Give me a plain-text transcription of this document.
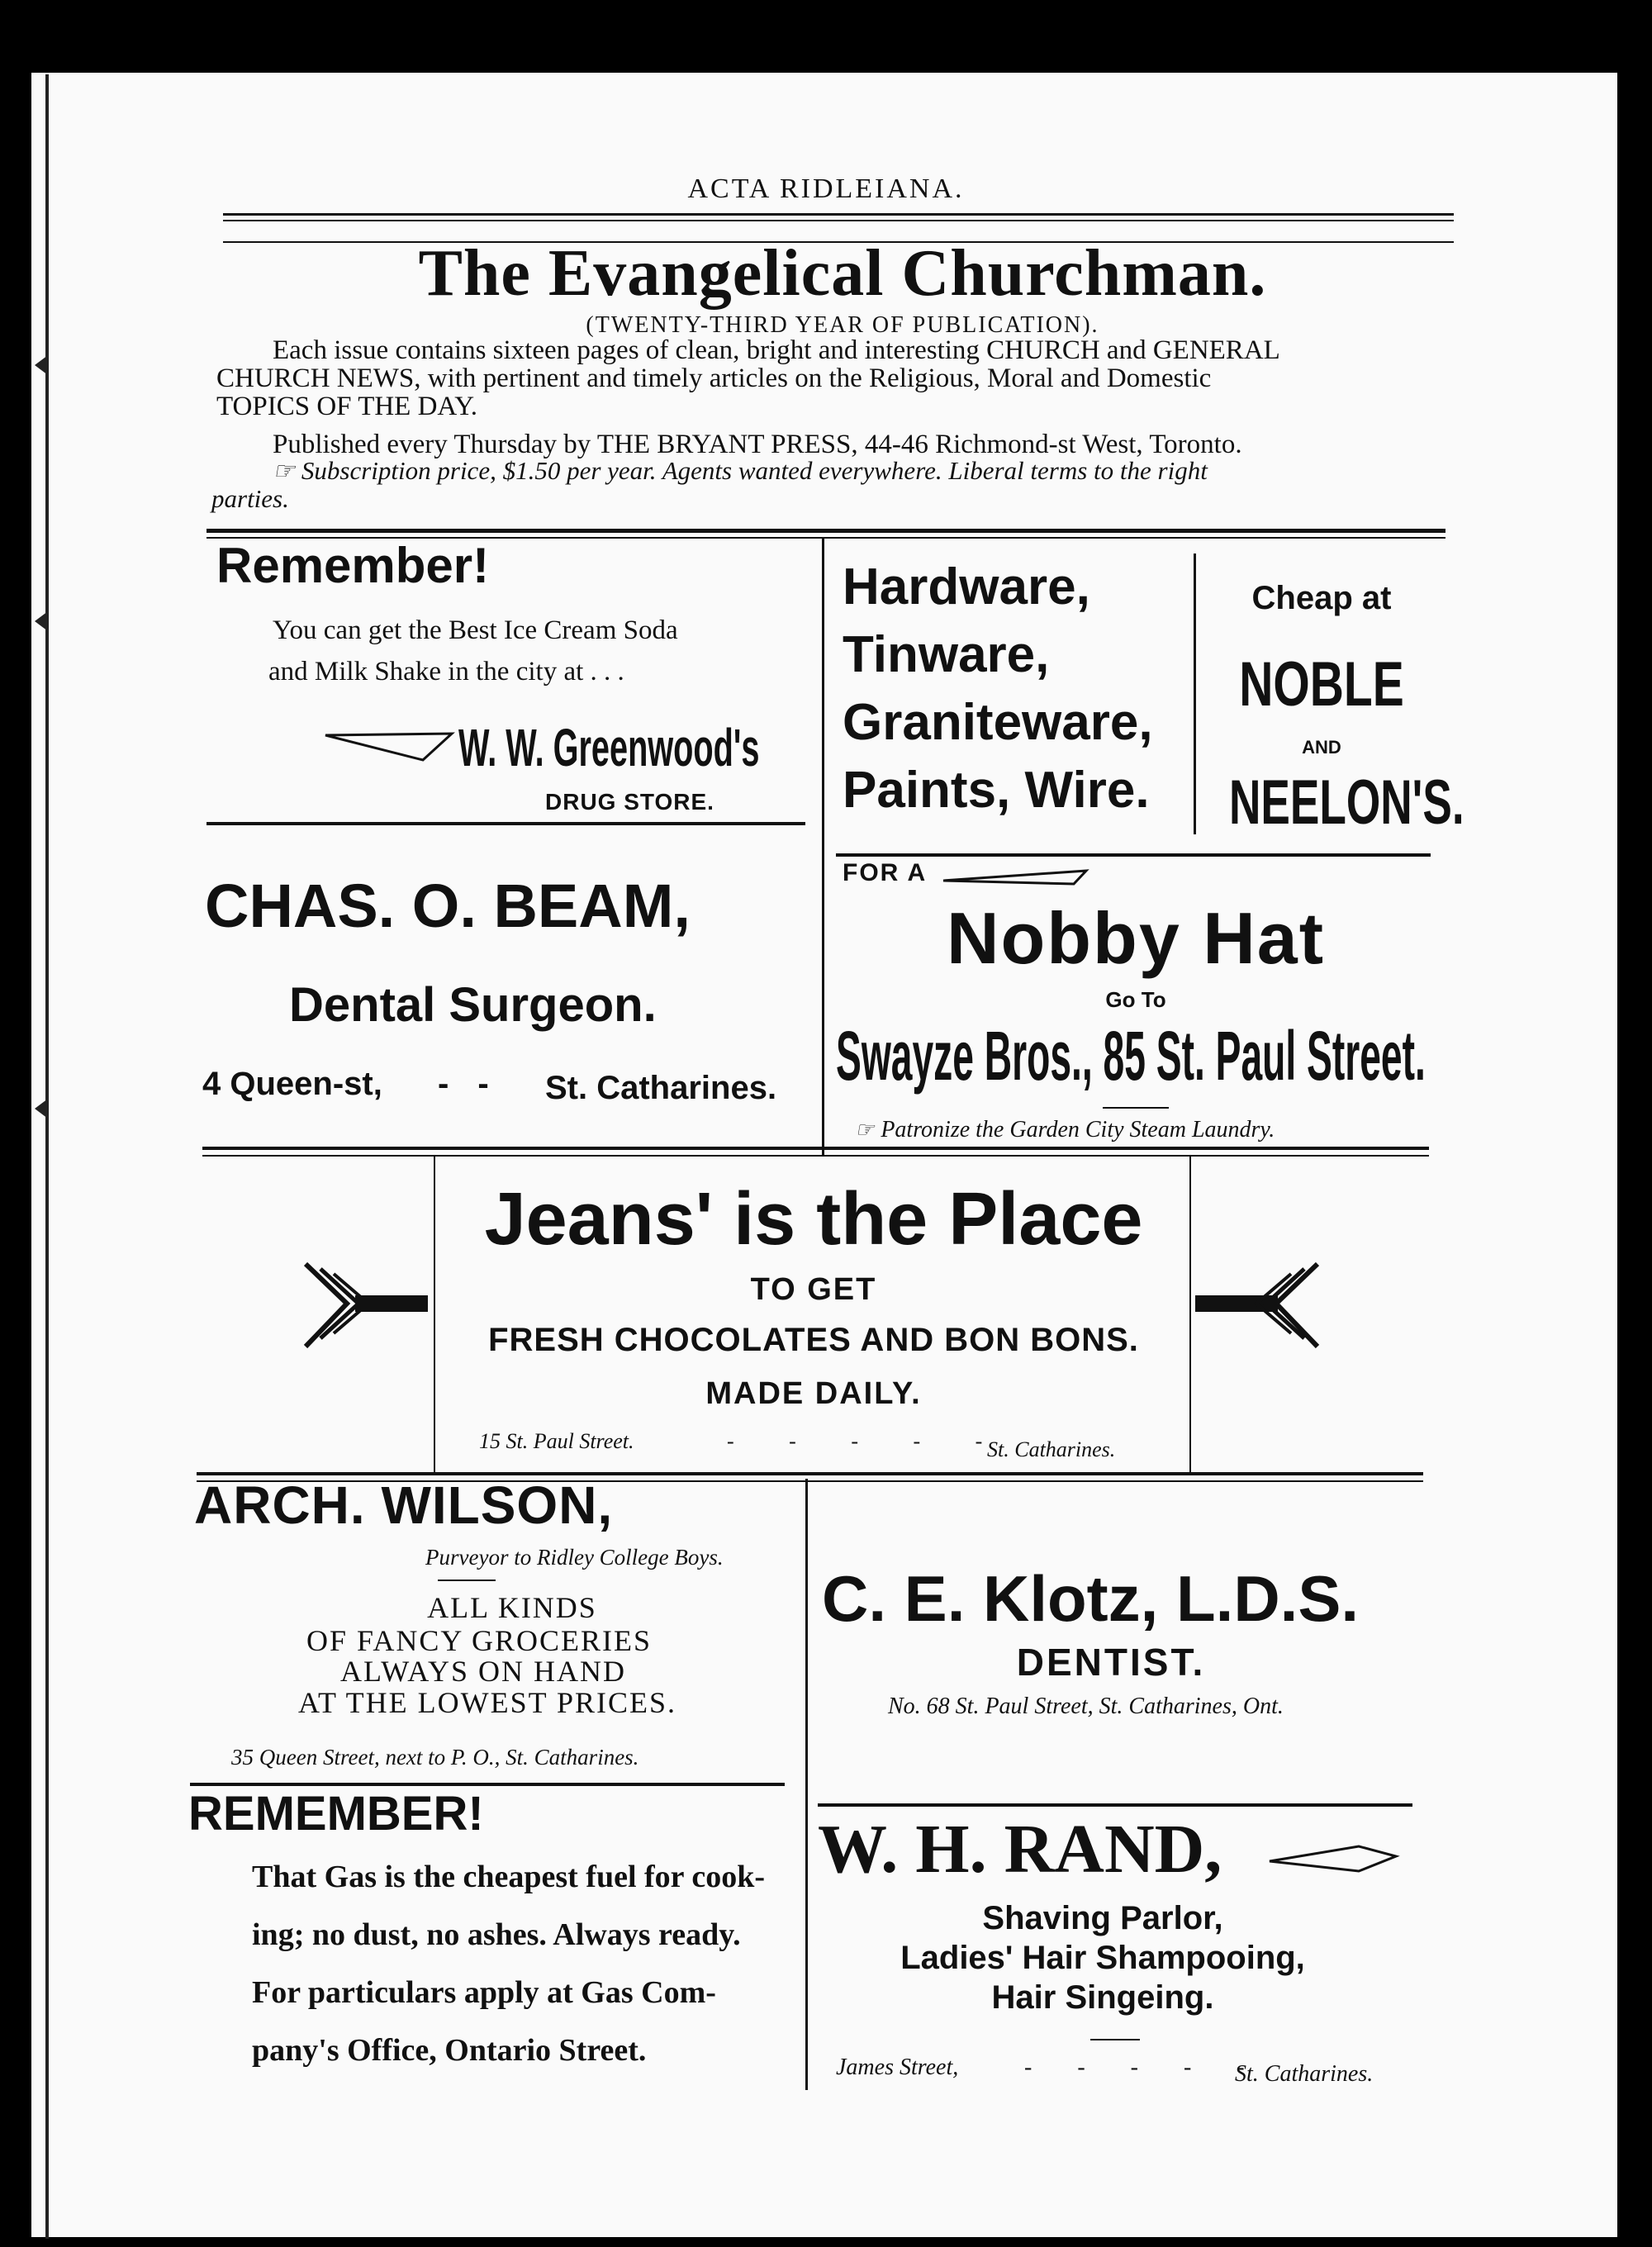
ACTA RIDLEIANA.
The Evangelical Churchman.
(TWENTY-THIRD YEAR OF PUBLICATION).
Each issue contains sixteen pages of clean, bright and interesting CHURCH and GENERAL
CHURCH NEWS, with pertinent and timely articles on the Religious, Moral and Domestic
TOPICS OF THE DAY.
Published every Thursday by THE BRYANT PRESS, 44-46 Richmond-st West, Toronto.
☞ Subscription price, $1.50 per year. Agents wanted everywhere. Liberal terms to the right
parties.
Remember!
You can get the Best Ice Cream Soda
and Milk Shake in the city at . . .
W. W. Greenwood's
DRUG STORE.
Hardware,
Tinware,
Graniteware,
Paints, Wire.
Cheap at
NOBLE
AND
NEELON'S.
CHAS. O. BEAM,
Dental Surgeon.
4 Queen-st, - - St. Catharines.
FOR A
Nobby Hat
Go To
Swayze Bros., 85 St. Paul Street.
☞ Patronize the Garden City Steam Laundry.
Jeans' is the Place
TO GET
FRESH CHOCOLATES AND BON BONS.
MADE DAILY.
15 St. Paul Street.	- - - - -
St. Catharines.
ARCH. WILSON,
Purveyor to Ridley College Boys.
ALL KINDS
OF FANCY GROCERIES
ALWAYS ON HAND
AT THE LOWEST PRICES.
35 Queen Street, next to P. O., St. Catharines.
C. E. Klotz, L.D.S.
DENTIST.
No. 68 St. Paul Street, St. Catharines, Ont.
REMEMBER!
That Gas is the cheapest fuel for cook-
ing; no dust, no ashes. Always ready.
For particulars apply at Gas Com-
pany's Office, Ontario Street.
W. H. RAND,
Shaving Parlor,
Ladies' Hair Shampooing,
Hair Singeing.
James Street,	- - - - -
St. Catharines.
